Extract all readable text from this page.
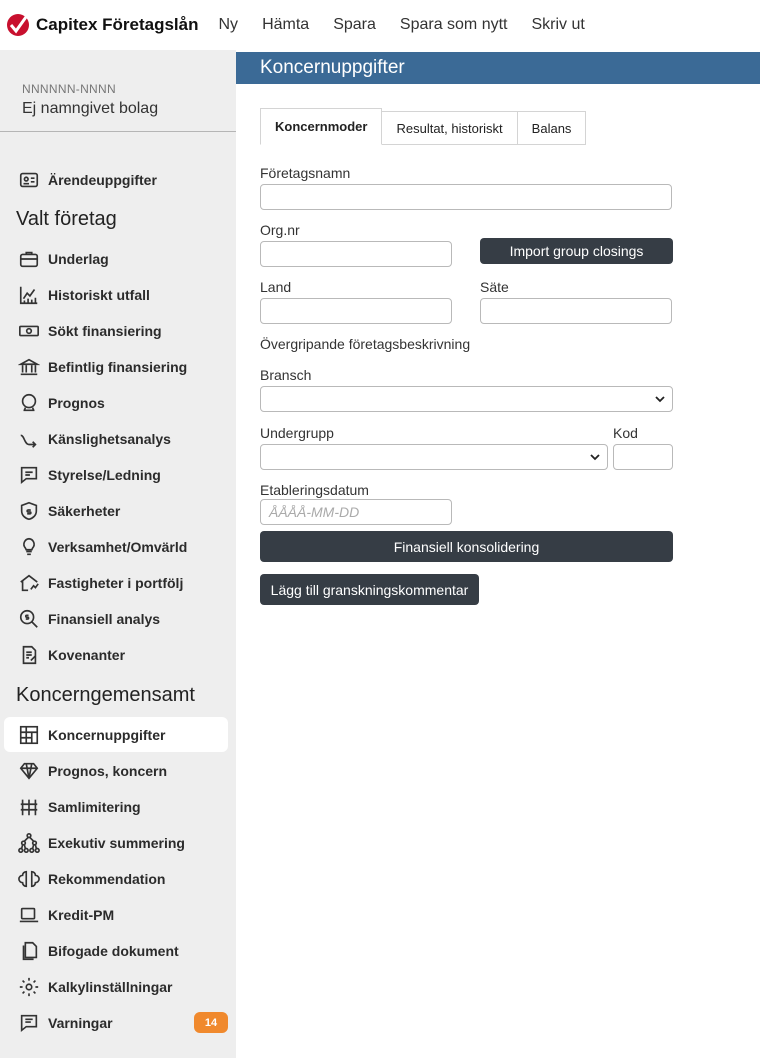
Capitex Företagslån Ny Hämta Spara Spara som nytt Skriv ut
NNNNNN-NNNN
Ej namngivet bolag
Ärendeuppgifter
Valt företag
Underlag
Historiskt utfall
Sökt finansiering
Befintlig finansiering
Prognos
Känslighetsanalys
Styrelse/Ledning
Säkerheter
Verksamhet/Omvärld
Fastigheter i portfölj
Finansiell analys
Kovenanter
Koncerngemensamt
Koncernuppgifter
Prognos, koncern
Samlimitering
Exekutiv summering
Rekommendation
Kredit-PM
Bifogade dokument
Kalkylinställningar
Varningar	14
Koncernuppgifter
Koncernmoder	Resultat, historiskt	Balans
Företagsnamn
Org.nr
Import group closings
Land	Säte
Övergripande företagsbeskrivning
Bransch
Undergrupp	Kod
Etableringsdatum
ÅÅÅÅ-MM-DD
Finansiell konsolidering
Lägg till granskningskommentar
